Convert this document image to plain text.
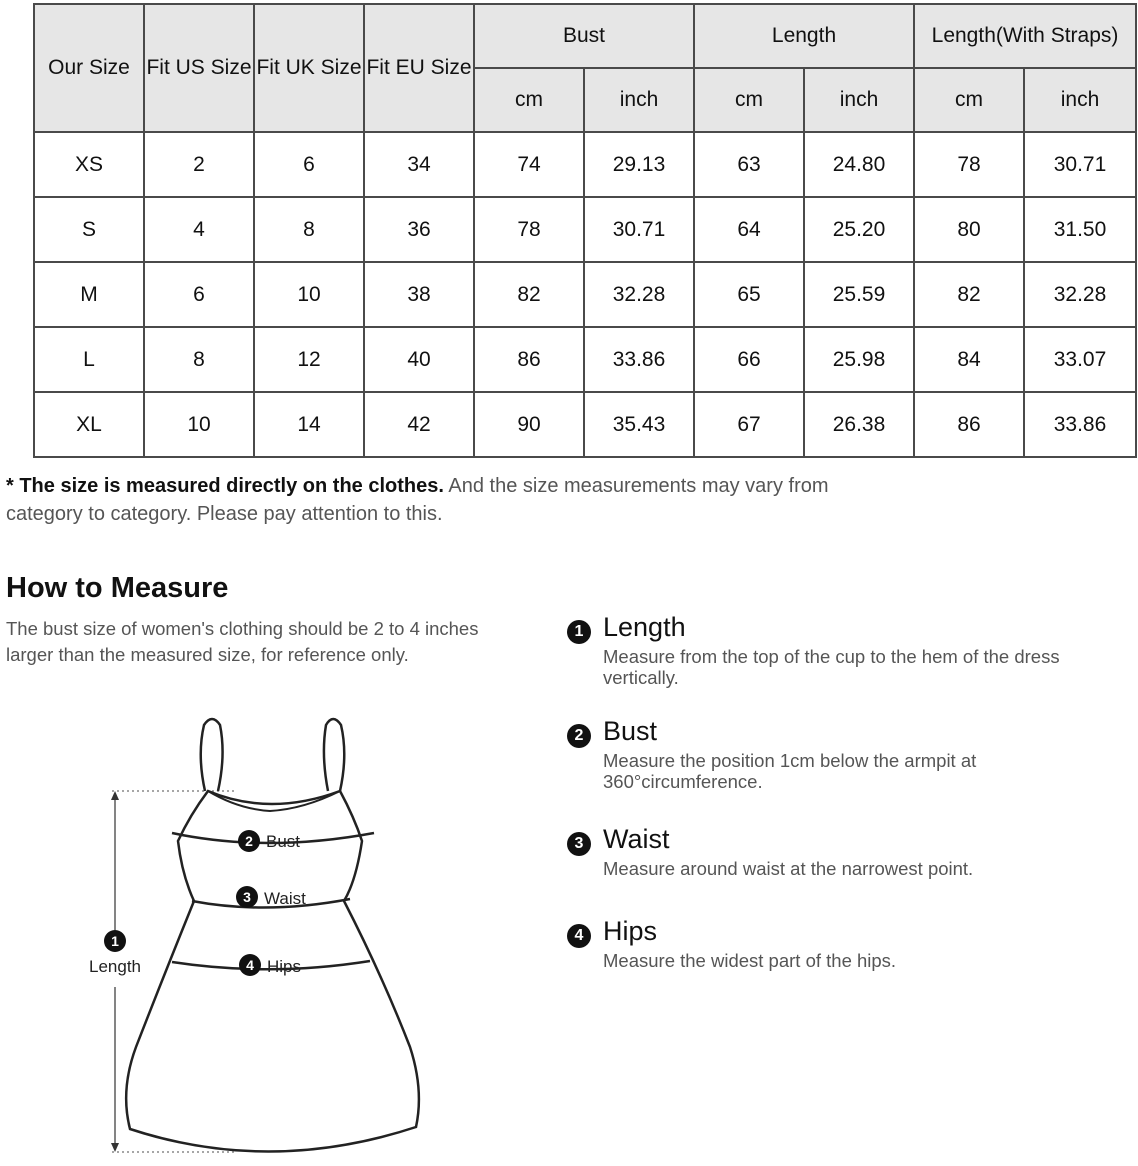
Our Size	Fit US Size	Fit UK Size	Fit EU Size	Bust		Length		Length(With Straps)	
				cm	inch	cm	inch	cm	inch
XS	2	6	34	74	29.13	63	24.80	78	30.71
S	4	8	36	78	30.71	64	25.20	80	31.50
M	6	10	38	82	32.28	65	25.59	82	32.28
L	8	12	40	86	33.86	66	25.98	84	33.07
XL	10	14	42	90	35.43	67	26.38	86	33.86
* The size is measured directly on the clothes. And the size measurements may vary from category to category. Please pay attention to this.
How to Measure
The bust size of women's clothing should be 2 to 4 inches larger than the measured size, for reference only.
1 Length
Measure from the top of the cup to the hem of the dress vertically.
2 Bust
Measure the position 1cm below the armpit at 360°circumference.
3 Waist
Measure around waist at the narrowest point.
4 Hips
Measure the widest part of the hips.
1
Length
2 Bust
3 Waist
4 Hips
